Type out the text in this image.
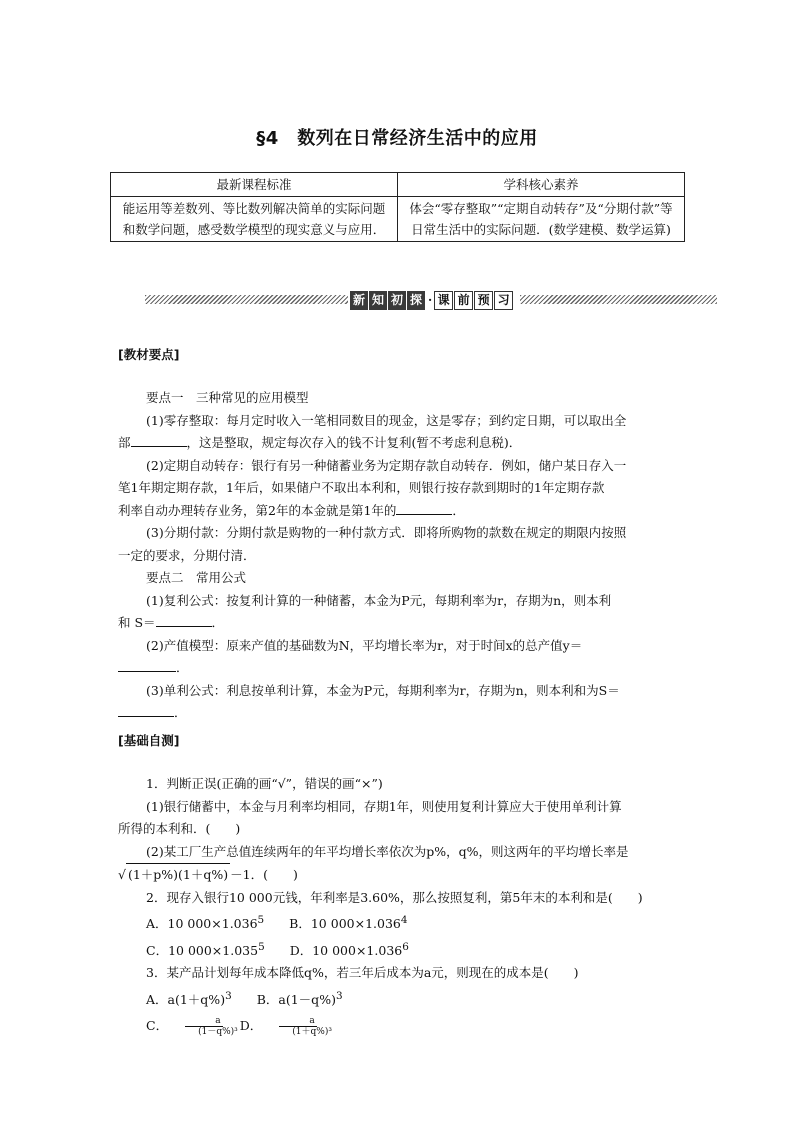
§4　数列在日常经济生活中的应用
最新课程标准	学科核心素养
能运用等差数列、等比数列解决简单的实际问题和数学问题，感受数学模型的现实意义与应用．	体会“零存整取”“定期自动转存”及“分期付款”等日常生活中的实际问题．(数学建模、数学运算)
新 知 初 探 · 课 前 预 习
[教材要点]

要点一　三种常见的应用模型

(1)零存整取：每月定时收入一笔相同数目的现金，这是零存；到约定日期，可以取出全

部	，这是整取，规定每次存入的钱不计复利(暂不考虑利息税)．

(2)定期自动转存：银行有另一种储蓄业务为定期存款自动转存．例如，储户某日存入一

笔1年期定期存款，1年后，如果储户不取出本利和，则银行按存款到期时的1年定期存款

利率自动办理转存业务，第2年的本金就是第1年的	．

(3)分期付款：分期付款是购物的一种付款方式．即将所购物的款数在规定的期限内按照

一定的要求，分期付清．

要点二　常用公式

(1)复利公式：按复利计算的一种储蓄，本金为P元，每期利率为r，存期为n，则本利

和 S＝	．

(2)产值模型：原来产值的基础数为N，平均增长率为r，对于时间x的总产值y＝

．

(3)单利公式：利息按单利计算，本金为P元，每期利率为r，存期为n，则本利和为S＝

．

[基础自测]

1．判断正误(正确的画“√”，错误的画“×”)

(1)银行储蓄中，本金与月利率均相同，存期1年，则使用复利计算应大于使用单利计算

所得的本利和．(　　)

(2)某工厂生产总值连续两年的年平均增长率依次为p%，q%，则这两年的平均增长率是

√ (1＋p%)(1＋q%) －1．(　　)

2．现存入银行10 000元钱，年利率是3.60%，那么按照复利，第5年末的本利和是(　　)

A．10 $000\times 1.036^5$　　 B．10 $000\times 1.036^4$

C．10 $000\times 1.035^5$　　 D．10 $000\times 1.036^6$

3．某产品计划每年成本降低q%，若三年后成本为a元，则现在的成本是(　　)

A．$a(1+q\%)^3$　　 B．$a(1-q\%)^3$

C． $\frac{a}{\text{(1－q\%)³}}$ D． $\frac{a}{\text{(1＋q\%)³}}$
